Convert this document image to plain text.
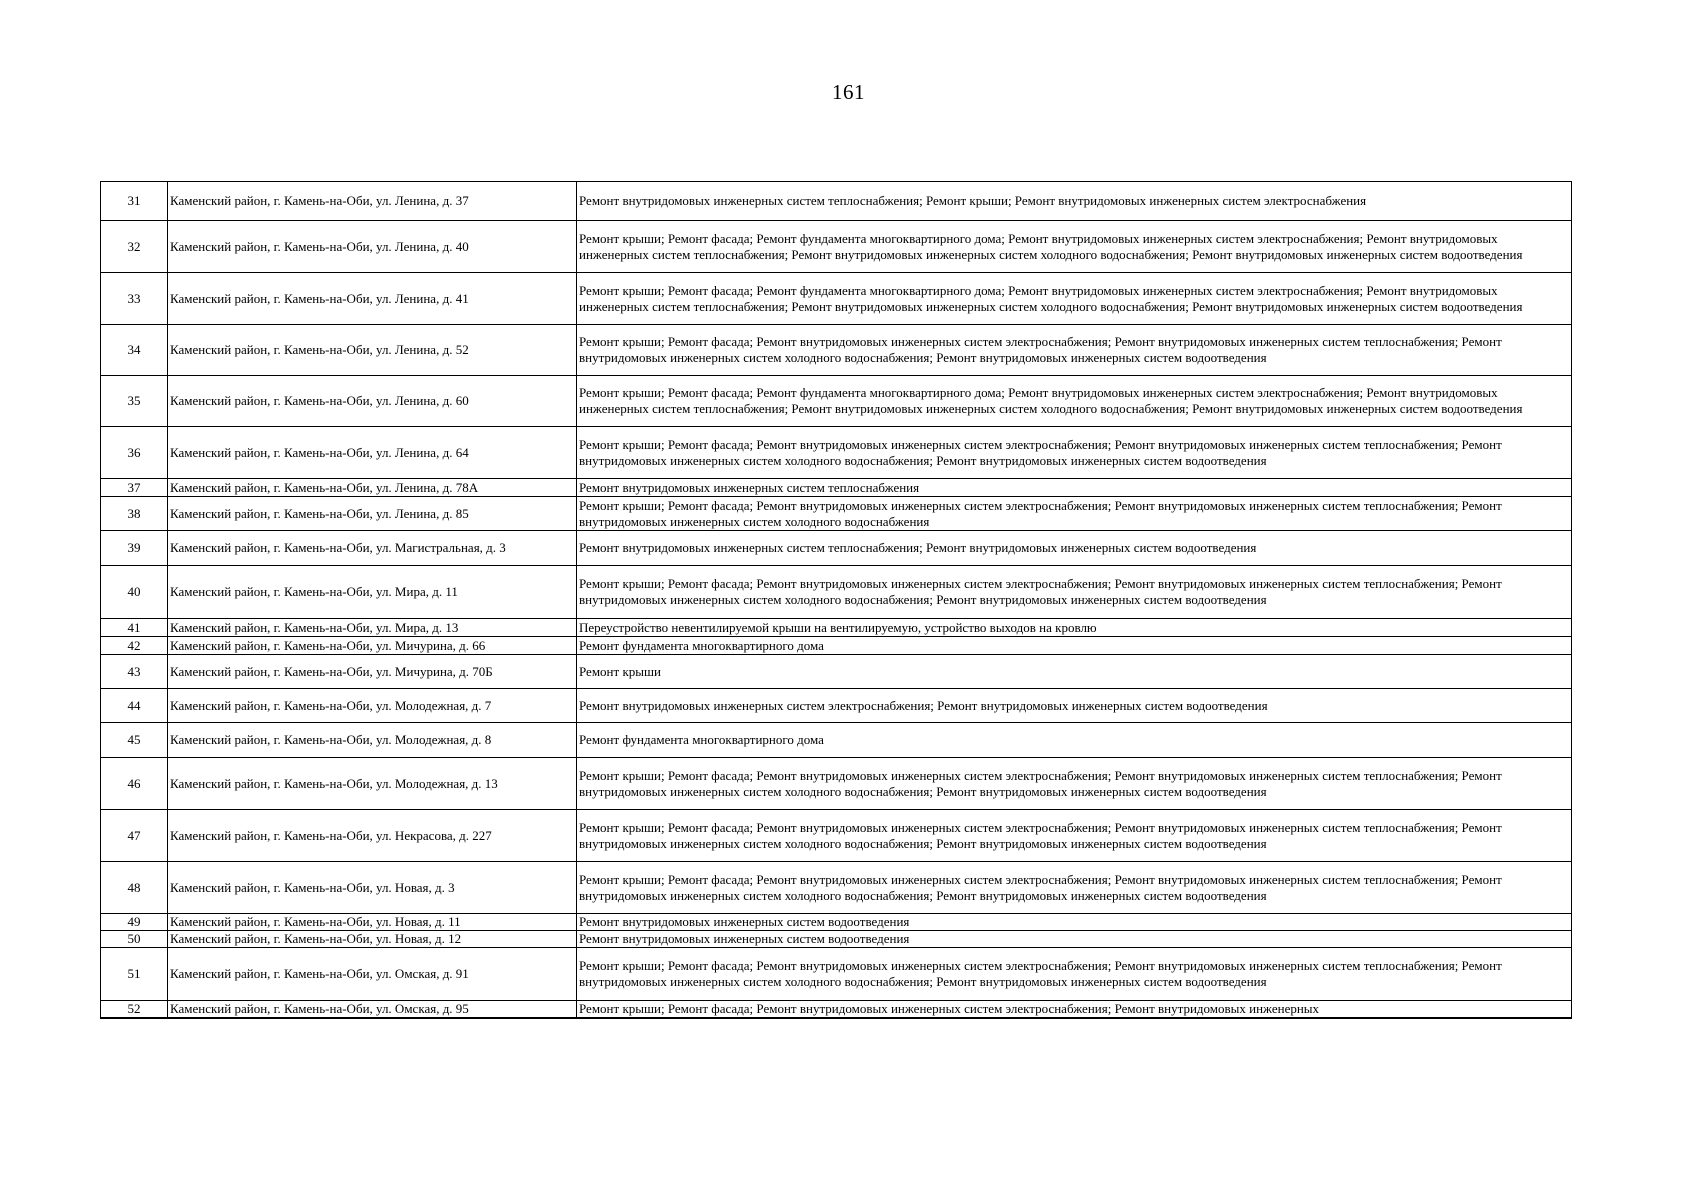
161
31	Каменский район, г. Камень-на-Оби, ул. Ленина, д. 37	Ремонт внутридомовых инженерных систем теплоснабжения; Ремонт крыши; Ремонт внутридомовых инженерных систем электроснабжения
32	Каменский район, г. Камень-на-Оби, ул. Ленина, д. 40	Ремонт крыши; Ремонт фасада; Ремонт фундамента многоквартирного дома; Ремонт внутридомовых инженерных систем электроснабжения; Ремонт внутридомовых инженерных систем теплоснабжения; Ремонт внутридомовых инженерных систем холодного водоснабжения; Ремонт внутридомовых инженерных систем водоотведения
33	Каменский район, г. Камень-на-Оби, ул. Ленина, д. 41	Ремонт крыши; Ремонт фасада; Ремонт фундамента многоквартирного дома; Ремонт внутридомовых инженерных систем электроснабжения; Ремонт внутридомовых инженерных систем теплоснабжения; Ремонт внутридомовых инженерных систем холодного водоснабжения; Ремонт внутридомовых инженерных систем водоотведения
34	Каменский район, г. Камень-на-Оби, ул. Ленина, д. 52	Ремонт крыши; Ремонт фасада; Ремонт внутридомовых инженерных систем электроснабжения; Ремонт внутридомовых инженерных систем теплоснабжения; Ремонт внутридомовых инженерных систем холодного водоснабжения; Ремонт внутридомовых инженерных систем водоотведения
35	Каменский район, г. Камень-на-Оби, ул. Ленина, д. 60	Ремонт крыши; Ремонт фасада; Ремонт фундамента многоквартирного дома; Ремонт внутридомовых инженерных систем электроснабжения; Ремонт внутридомовых инженерных систем теплоснабжения; Ремонт внутридомовых инженерных систем холодного водоснабжения; Ремонт внутридомовых инженерных систем водоотведения
36	Каменский район, г. Камень-на-Оби, ул. Ленина, д. 64	Ремонт крыши; Ремонт фасада; Ремонт внутридомовых инженерных систем электроснабжения; Ремонт внутридомовых инженерных систем теплоснабжения; Ремонт внутридомовых инженерных систем холодного водоснабжения; Ремонт внутридомовых инженерных систем водоотведения
37	Каменский район, г. Камень-на-Оби, ул. Ленина, д. 78А	Ремонт внутридомовых инженерных систем теплоснабжения
38	Каменский район, г. Камень-на-Оби, ул. Ленина, д. 85	Ремонт крыши; Ремонт фасада; Ремонт внутридомовых инженерных систем электроснабжения; Ремонт внутридомовых инженерных систем теплоснабжения; Ремонт внутридомовых инженерных систем холодного водоснабжения
39	Каменский район, г. Камень-на-Оби, ул. Магистральная, д. 3	Ремонт внутридомовых инженерных систем теплоснабжения; Ремонт внутридомовых инженерных систем водоотведения
40	Каменский район, г. Камень-на-Оби, ул. Мира, д. 11	Ремонт крыши; Ремонт фасада; Ремонт внутридомовых инженерных систем электроснабжения; Ремонт внутридомовых инженерных систем теплоснабжения; Ремонт внутридомовых инженерных систем холодного водоснабжения; Ремонт внутридомовых инженерных систем водоотведения
41	Каменский район, г. Камень-на-Оби, ул. Мира, д. 13	Переустройство невентилируемой крыши на вентилируемую, устройство выходов на кровлю
42	Каменский район, г. Камень-на-Оби, ул. Мичурина, д. 66	Ремонт фундамента многоквартирного дома
43	Каменский район, г. Камень-на-Оби, ул. Мичурина, д. 70Б	Ремонт крыши
44	Каменский район, г. Камень-на-Оби, ул. Молодежная, д. 7	Ремонт внутридомовых инженерных систем электроснабжения; Ремонт внутридомовых инженерных систем водоотведения
45	Каменский район, г. Камень-на-Оби, ул. Молодежная, д. 8	Ремонт фундамента многоквартирного дома
46	Каменский район, г. Камень-на-Оби, ул. Молодежная, д. 13	Ремонт крыши; Ремонт фасада; Ремонт внутридомовых инженерных систем электроснабжения; Ремонт внутридомовых инженерных систем теплоснабжения; Ремонт внутридомовых инженерных систем холодного водоснабжения; Ремонт внутридомовых инженерных систем водоотведения
47	Каменский район, г. Камень-на-Оби, ул. Некрасова, д. 227	Ремонт крыши; Ремонт фасада; Ремонт внутридомовых инженерных систем электроснабжения; Ремонт внутридомовых инженерных систем теплоснабжения; Ремонт внутридомовых инженерных систем холодного водоснабжения; Ремонт внутридомовых инженерных систем водоотведения
48	Каменский район, г. Камень-на-Оби, ул. Новая, д. 3	Ремонт крыши; Ремонт фасада; Ремонт внутридомовых инженерных систем электроснабжения; Ремонт внутридомовых инженерных систем теплоснабжения; Ремонт внутридомовых инженерных систем холодного водоснабжения; Ремонт внутридомовых инженерных систем водоотведения
49	Каменский район, г. Камень-на-Оби, ул. Новая, д. 11	Ремонт внутридомовых инженерных систем водоотведения
50	Каменский район, г. Камень-на-Оби, ул. Новая, д. 12	Ремонт внутридомовых инженерных систем водоотведения
51	Каменский район, г. Камень-на-Оби, ул. Омская, д. 91	Ремонт крыши; Ремонт фасада; Ремонт внутридомовых инженерных систем электроснабжения; Ремонт внутридомовых инженерных систем теплоснабжения; Ремонт внутридомовых инженерных систем холодного водоснабжения; Ремонт внутридомовых инженерных систем водоотведения
52	Каменский район, г. Камень-на-Оби, ул. Омская, д. 95	Ремонт крыши; Ремонт фасада; Ремонт внутридомовых инженерных систем электроснабжения; Ремонт внутридомовых инженерных
